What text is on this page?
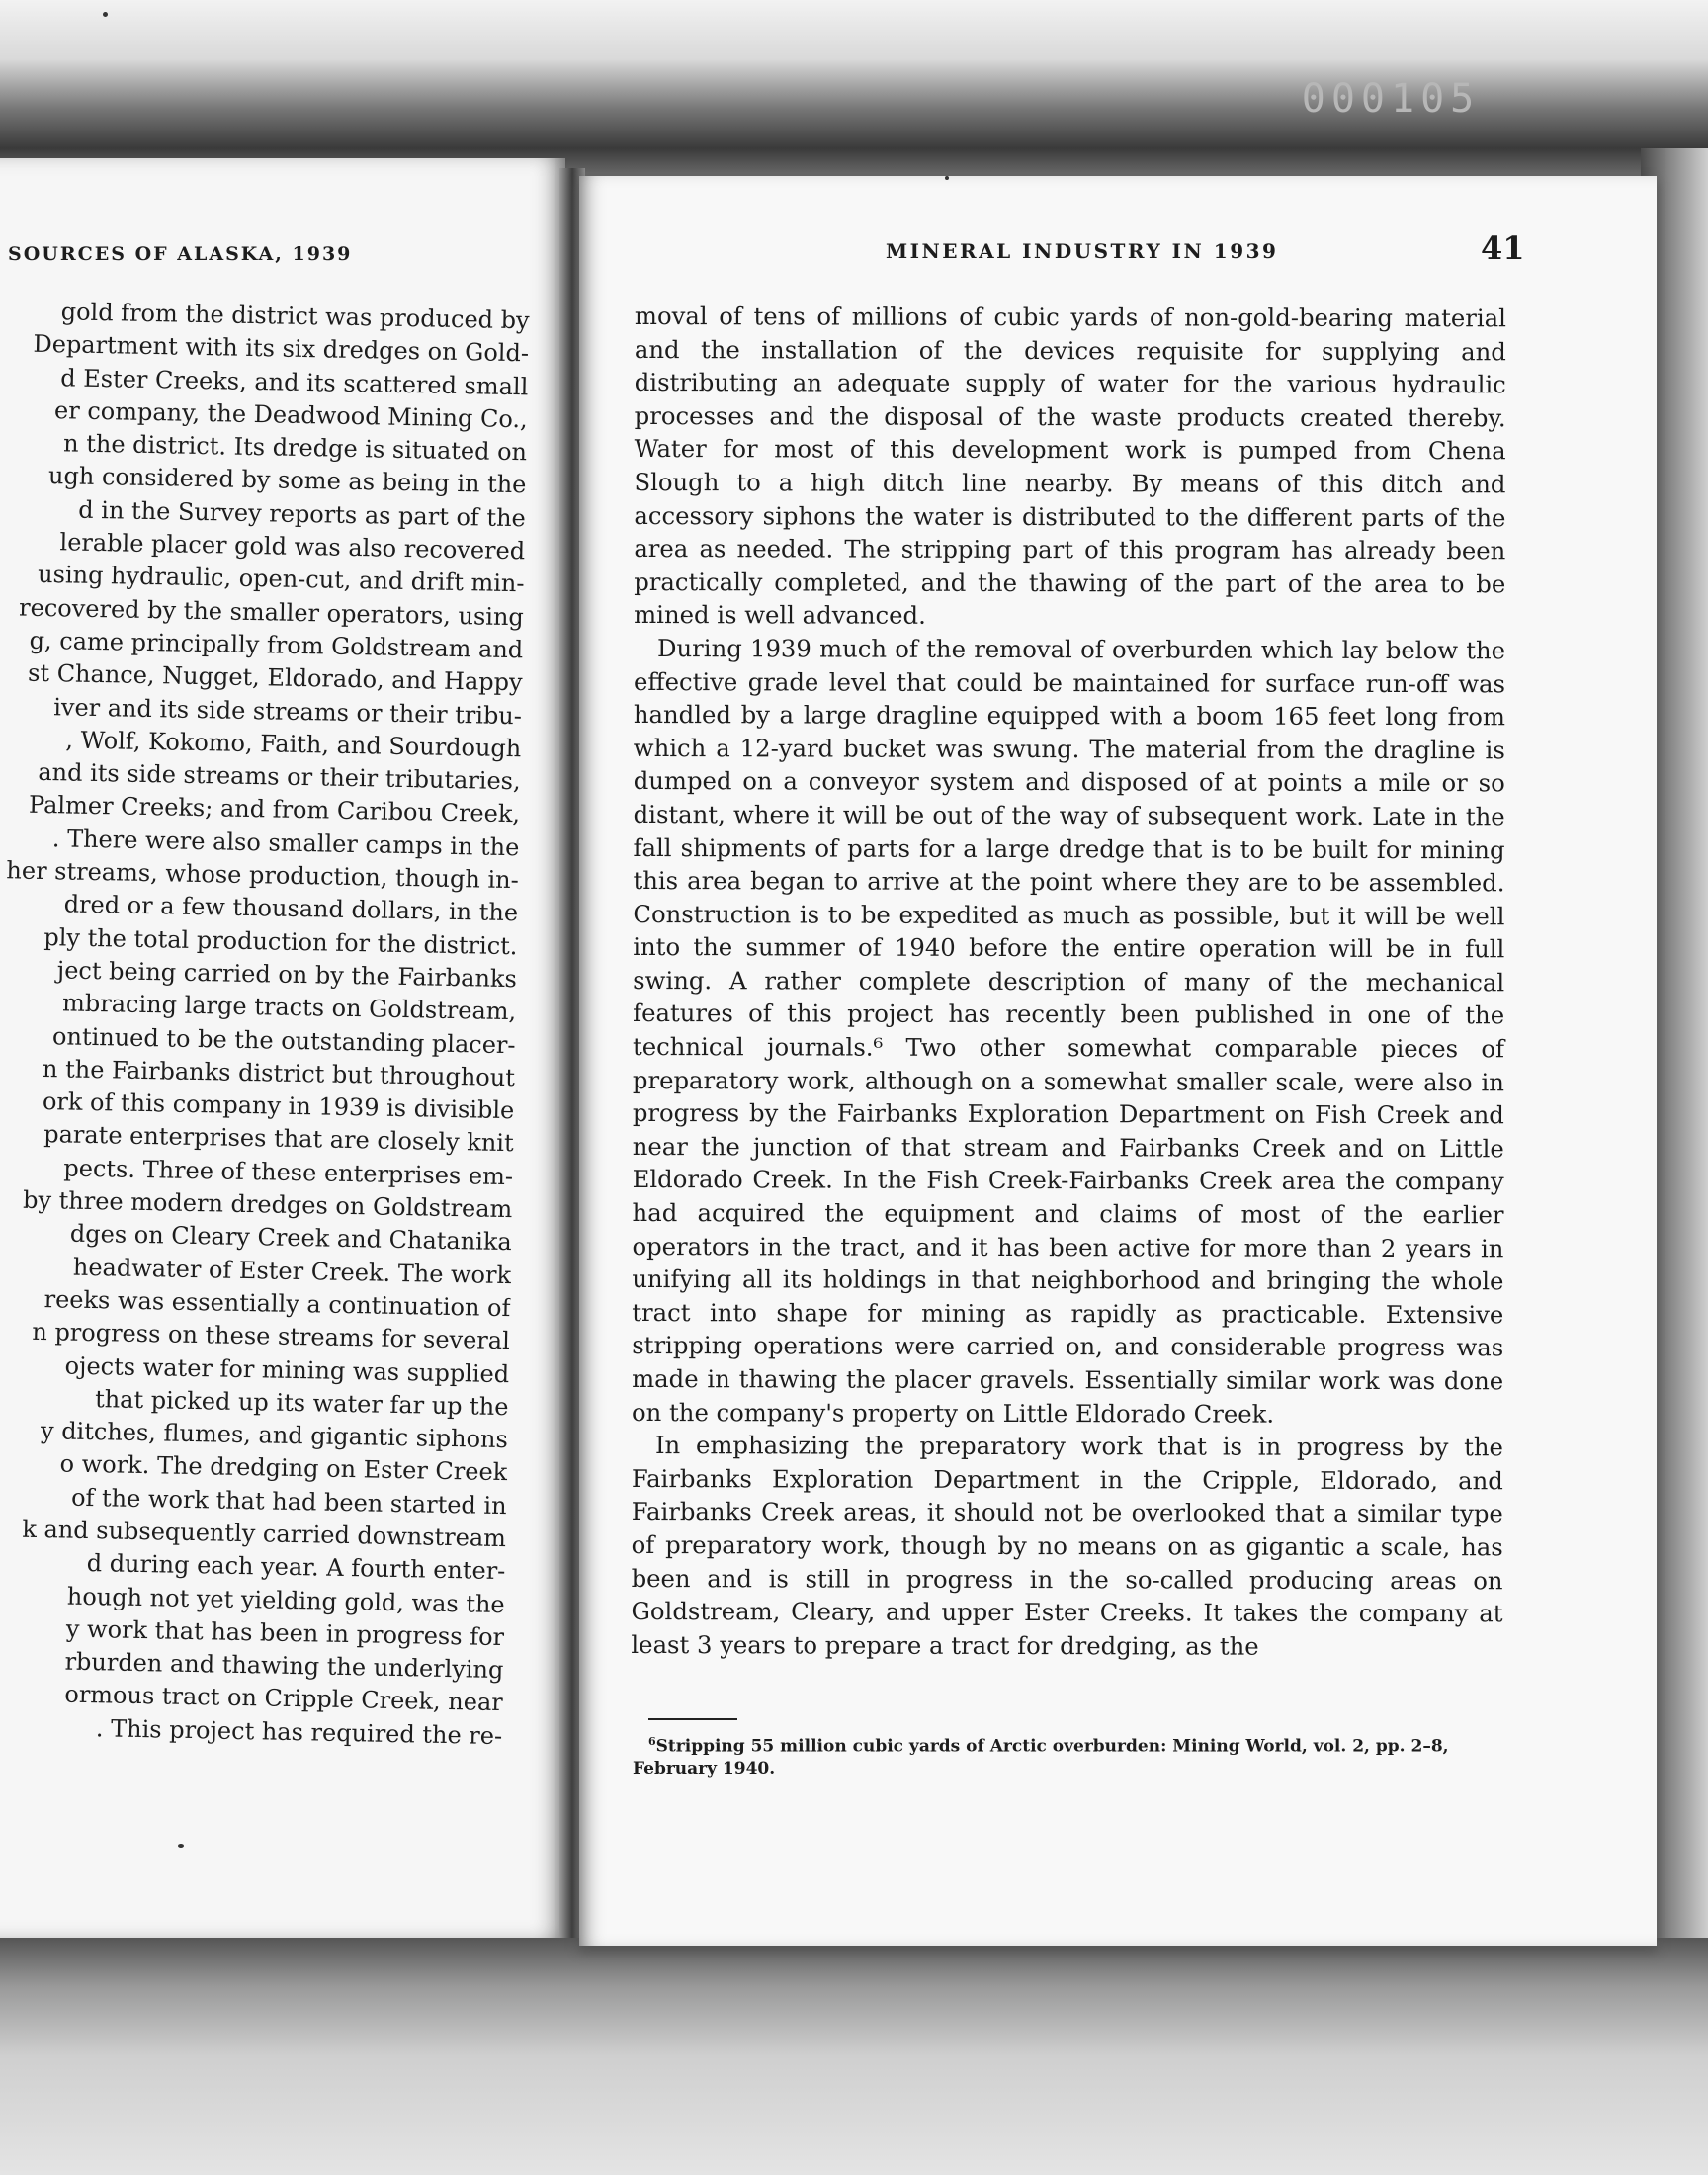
000105
SOURCES OF ALASKA, 1939
gold from the district was produced by
Department with its six dredges on Gold-
d Ester Creeks, and its scattered small
er company, the Deadwood Mining Co.,
n the district. Its dredge is situated on
ugh considered by some as being in the
d in the Survey reports as part of the
lerable placer gold was also recovered
using hydraulic, open-cut, and drift min-
recovered by the smaller operators, using
g, came principally from Goldstream and
st Chance, Nugget, Eldorado, and Happy
iver and its side streams or their tribu-
, Wolf, Kokomo, Faith, and Sourdough
and its side streams or their tributaries,
Palmer Creeks; and from Caribou Creek,
. There were also smaller camps in the
her streams, whose production, though in-
dred or a few thousand dollars, in the
ply the total production for the district.
ject being carried on by the Fairbanks
mbracing large tracts on Goldstream,
ontinued to be the outstanding placer-
n the Fairbanks district but throughout
ork of this company in 1939 is divisible
parate enterprises that are closely knit
pects. Three of these enterprises em-
by three modern dredges on Goldstream
dges on Cleary Creek and Chatanika
headwater of Ester Creek. The work
reeks was essentially a continuation of
n progress on these streams for several
ojects water for mining was supplied
that picked up its water far up the
y ditches, flumes, and gigantic siphons
o work. The dredging on Ester Creek
of the work that had been started in
k and subsequently carried downstream
d during each year. A fourth enter-
hough not yet yielding gold, was the
y work that has been in progress for
rburden and thawing the underlying
ormous tract on Cripple Creek, near
. This project has required the re-
MINERAL INDUSTRY IN 1939	41

moval of tens of millions of cubic yards of non-gold-bearing material and the installation of the devices requisite for supplying and distributing an adequate supply of water for the various hydraulic processes and the disposal of the waste products created thereby. Water for most of this development work is pumped from Chena Slough to a high ditch line nearby. By means of this ditch and accessory siphons the water is distributed to the different parts of the area as needed. The stripping part of this program has already been practically completed, and the thawing of the part of the area to be mined is well advanced.

During 1939 much of the removal of overburden which lay below the effective grade level that could be maintained for surface run-off was handled by a large dragline equipped with a boom 165 feet long from which a 12-yard bucket was swung. The material from the dragline is dumped on a conveyor system and disposed of at points a mile or so distant, where it will be out of the way of subsequent work. Late in the fall shipments of parts for a large dredge that is to be built for mining this area began to arrive at the point where they are to be assembled. Construction is to be expedited as much as possible, but it will be well into the summer of 1940 before the entire operation will be in full swing. A rather complete description of many of the mechanical features of this project has recently been published in one of the technical journals.⁶ Two other somewhat comparable pieces of preparatory work, although on a somewhat smaller scale, were also in progress by the Fairbanks Exploration Department on Fish Creek and near the junction of that stream and Fairbanks Creek and on Little Eldorado Creek. In the Fish Creek-Fairbanks Creek area the company had acquired the equipment and claims of most of the earlier operators in the tract, and it has been active for more than 2 years in unifying all its holdings in that neighborhood and bringing the whole tract into shape for mining as rapidly as practicable. Extensive stripping operations were carried on, and considerable progress was made in thawing the placer gravels. Essentially similar work was done on the company's property on Little Eldorado Creek.

In emphasizing the preparatory work that is in progress by the Fairbanks Exploration Department in the Cripple, Eldorado, and Fairbanks Creek areas, it should not be overlooked that a similar type of preparatory work, though by no means on as gigantic a scale, has been and is still in progress in the so-called producing areas on Goldstream, Cleary, and upper Ester Creeks. It takes the company at least 3 years to prepare a tract for dredging, as the

$^6$Stripping 55 million cubic yards of Arctic overburden: Mining World, vol. 2, pp. 2–8, February 1940.
